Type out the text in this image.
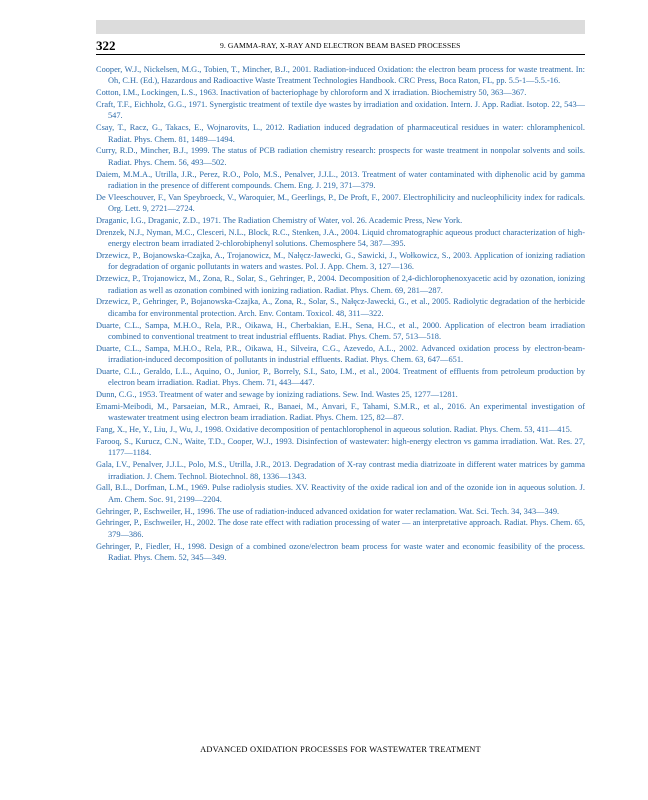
322	9. GAMMA-RAY, X-RAY AND ELECTRON BEAM BASED PROCESSES

Cooper, W.J., Nickelsen, M.G., Tobien, T., Mincher, B.J., 2001. Radiation-induced Oxidation: the electron beam process for waste treatment. In: Oh, C.H. (Ed.), Hazardous and Radioactive Waste Treatment Technologies Handbook. CRC Press, Boca Raton, FL, pp. 5.5-1—5.5.-16.

Cotton, I.M., Lockingen, L.S., 1963. Inactivation of bacteriophage by chloroform and X irradiation. Biochemistry 50, 363—367.

Craft, T.F., Eichholz, G.G., 1971. Synergistic treatment of textile dye wastes by irradiation and oxidation. Intern. J. App. Radiat. Isotop. 22, 543—547.

Csay, T., Racz, G., Takacs, E., Wojnarovits, L., 2012. Radiation induced degradation of pharmaceutical residues in water: chloramphenicol. Radiat. Phys. Chem. 81, 1489—1494.

Curry, R.D., Mincher, B.J., 1999. The status of PCB radiation chemistry research: prospects for waste treatment in nonpolar solvents and soils. Radiat. Phys. Chem. 56, 493—502.

Daiem, M.M.A., Utrilla, J.R., Perez, R.O., Polo, M.S., Penalver, J.J.L., 2013. Treatment of water contaminated with diphenolic acid by gamma radiation in the presence of different compounds. Chem. Eng. J. 219, 371—379.

De Vleeschouver, F., Van Speybroeck, V., Waroquier, M., Geerlings, P., De Proft, F., 2007. Electrophilicity and nucleophilicity index for radicals. Org. Lett. 9, 2721—2724.

Draganic, I.G., Draganic, Z.D., 1971. The Radiation Chemistry of Water, vol. 26. Academic Press, New York.

Drenzek, N.J., Nyman, M.C., Clesceri, N.L., Block, R.C., Stenken, J.A., 2004. Liquid chromatographic aqueous product characterization of high-energy electron beam irradiated 2-chlorobiphenyl solutions. Chemosphere 54, 387—395.

Drzewicz, P., Bojanowska-Czajka, A., Trojanowicz, M., Nałęcz-Jawecki, G., Sawicki, J., Wołkowicz, S., 2003. Application of ionizing radiation for degradation of organic pollutants in waters and wastes. Pol. J. App. Chem. 3, 127—136.

Drzewicz, P., Trojanowicz, M., Zona, R., Solar, S., Gehringer, P., 2004. Decomposition of 2,4-dichlorophenoxyacetic acid by ozonation, ionizing radiation as well as ozonation combined with ionizing radiation. Radiat. Phys. Chem. 69, 281—287.

Drzewicz, P., Gehringer, P., Bojanowska-Czajka, A., Zona, R., Solar, S., Nałęcz-Jawecki, G., et al., 2005. Radiolytic degradation of the herbicide dicamba for environmental protection. Arch. Env. Contam. Toxicol. 48, 311—322.

Duarte, C.L., Sampa, M.H.O., Rela, P.R., Oikawa, H., Cherbakian, E.H., Sena, H.C., et al., 2000. Application of electron beam irradiation combined to conventional treatment to treat industrial effluents. Radiat. Phys. Chem. 57, 513—518.

Duarte, C.L., Sampa, M.H.O., Rela, P.R., Oikawa, H., Silveira, C.G., Azevedo, A.L., 2002. Advanced oxidation process by electron-beam-irradiation-induced decomposition of pollutants in industrial effluents. Radiat. Phys. Chem. 63, 647—651.

Duarte, C.L., Geraldo, L.L., Aquino, O., Junior, P., Borrely, S.I., Sato, I.M., et al., 2004. Treatment of effluents from petroleum production by electron beam irradiation. Radiat. Phys. Chem. 71, 443—447.

Dunn, C.G., 1953. Treatment of water and sewage by ionizing radiations. Sew. Ind. Wastes 25, 1277—1281.

Emami-Meibodi, M., Parsaeian, M.R., Amraei, R., Banaei, M., Anvari, F., Tahami, S.M.R., et al., 2016. An experimental investigation of wastewater treatment using electron beam irradiation. Radiat. Phys. Chem. 125, 82—87.

Fang, X., He, Y., Liu, J., Wu, J., 1998. Oxidative decomposition of pentachlorophenol in aqueous solution. Radiat. Phys. Chem. 53, 411—415.

Farooq, S., Kurucz, C.N., Waite, T.D., Cooper, W.J., 1993. Disinfection of wastewater: high-energy electron vs gamma irradiation. Wat. Res. 27, 1177—1184.

Gala, I.V., Penalver, J.J.L., Polo, M.S., Utrilla, J.R., 2013. Degradation of X-ray contrast media diatrizoate in different water matrices by gamma irradiation. J. Chem. Technol. Biotechnol. 88, 1336—1343.

Gall, B.L., Dorfman, L.M., 1969. Pulse radiolysis studies. XV. Reactivity of the oxide radical ion and of the ozonide ion in aqueous solution. J. Am. Chem. Soc. 91, 2199—2204.

Gehringer, P., Eschweiler, H., 1996. The use of radiation-induced advanced oxidation for water reclamation. Wat. Sci. Tech. 34, 343—349.

Gehringer, P., Eschweiler, H., 2002. The dose rate effect with radiation processing of water — an interpretative approach. Radiat. Phys. Chem. 65, 379—386.

Gehringer, P., Fiedler, H., 1998. Design of a combined ozone/electron beam process for waste water and economic feasibility of the process. Radiat. Phys. Chem. 52, 345—349.

ADVANCED OXIDATION PROCESSES FOR WASTEWATER TREATMENT
